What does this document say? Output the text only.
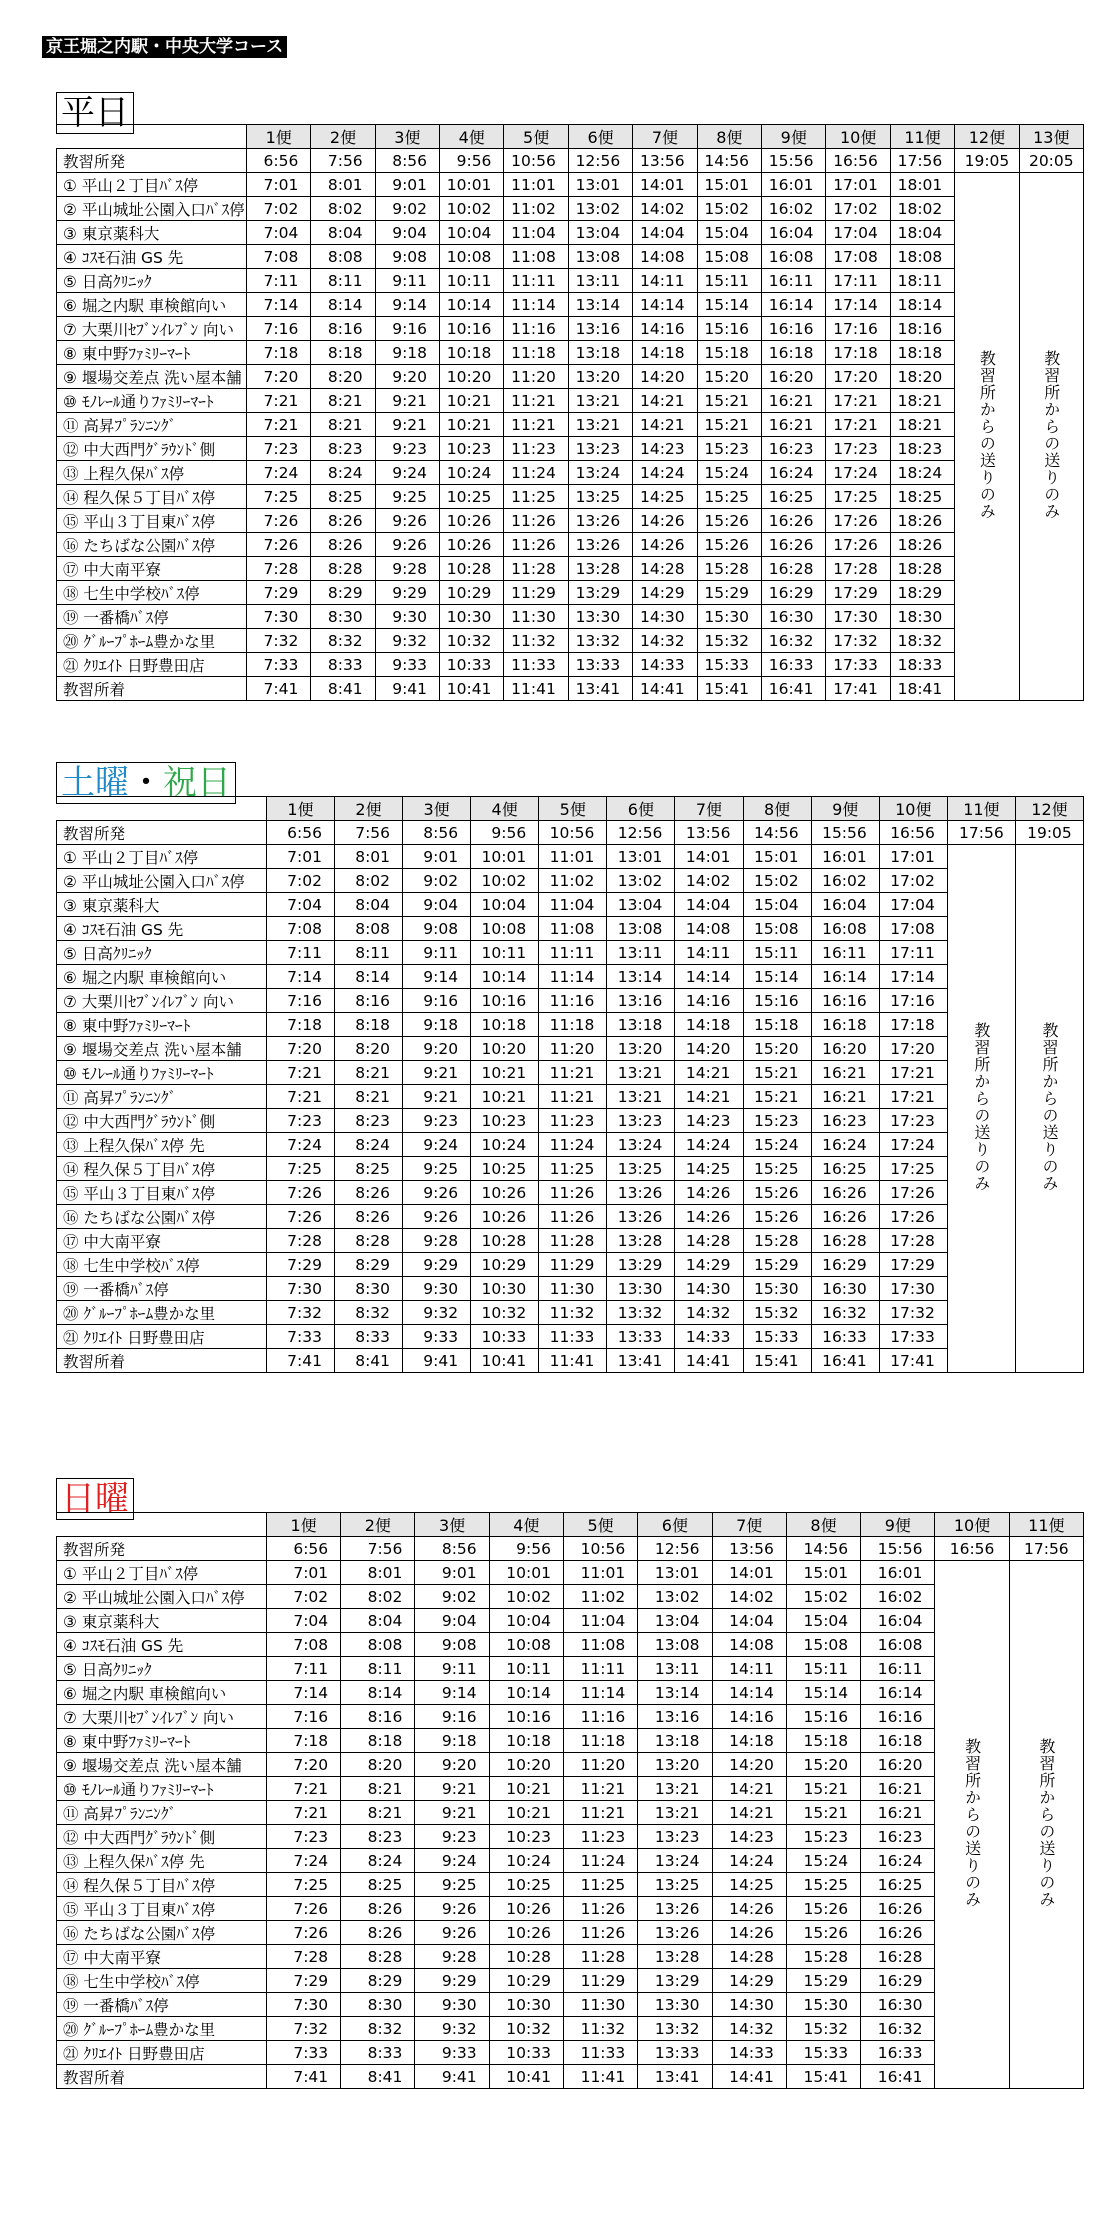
京王堀之内駅・中央大学コース
平日
	1便	2便	3便	4便	5便	6便	7便	8便	9便	10便	11便	12便	13便
教習所発	6:56	7:56	8:56	9:56	10:56	12:56	13:56	14:56	15:56	16:56	17:56	19:05	20:05
① 平山２丁目ﾊﾞｽ停	7:01	8:01	9:01	10:01	11:01	13:01	14:01	15:01	16:01	17:01	18:01	教習所からの送りのみ	教習所からの送りのみ
② 平山城址公園入口ﾊﾞｽ停	7:02	8:02	9:02	10:02	11:02	13:02	14:02	15:02	16:02	17:02	18:02		
③ 東京薬科大	7:04	8:04	9:04	10:04	11:04	13:04	14:04	15:04	16:04	17:04	18:04		
④ ｺｽﾓ石油 GS 先	7:08	8:08	9:08	10:08	11:08	13:08	14:08	15:08	16:08	17:08	18:08		
⑤ 日高ｸﾘﾆｯｸ	7:11	8:11	9:11	10:11	11:11	13:11	14:11	15:11	16:11	17:11	18:11		
⑥ 堀之内駅 車検館向い	7:14	8:14	9:14	10:14	11:14	13:14	14:14	15:14	16:14	17:14	18:14		
⑦ 大栗川ｾﾌﾞﾝｲﾚﾌﾞﾝ 向い	7:16	8:16	9:16	10:16	11:16	13:16	14:16	15:16	16:16	17:16	18:16		
⑧ 東中野ﾌｧﾐﾘｰﾏｰﾄ	7:18	8:18	9:18	10:18	11:18	13:18	14:18	15:18	16:18	17:18	18:18		
⑨ 堰場交差点 洗い屋本舗	7:20	8:20	9:20	10:20	11:20	13:20	14:20	15:20	16:20	17:20	18:20		
⑩ ﾓﾉﾚｰﾙ通りﾌｧﾐﾘｰﾏｰﾄ	7:21	8:21	9:21	10:21	11:21	13:21	14:21	15:21	16:21	17:21	18:21		
⑪ 高昇ﾌﾟﾗﾝﾆﾝｸﾞ	7:21	8:21	9:21	10:21	11:21	13:21	14:21	15:21	16:21	17:21	18:21		
⑫ 中大西門ｸﾞﾗｳﾝﾄﾞ側	7:23	8:23	9:23	10:23	11:23	13:23	14:23	15:23	16:23	17:23	18:23		
⑬ 上程久保ﾊﾞｽ停	7:24	8:24	9:24	10:24	11:24	13:24	14:24	15:24	16:24	17:24	18:24		
⑭ 程久保５丁目ﾊﾞｽ停	7:25	8:25	9:25	10:25	11:25	13:25	14:25	15:25	16:25	17:25	18:25		
⑮ 平山３丁目東ﾊﾞｽ停	7:26	8:26	9:26	10:26	11:26	13:26	14:26	15:26	16:26	17:26	18:26		
⑯ たちばな公園ﾊﾞｽ停	7:26	8:26	9:26	10:26	11:26	13:26	14:26	15:26	16:26	17:26	18:26		
⑰ 中大南平寮	7:28	8:28	9:28	10:28	11:28	13:28	14:28	15:28	16:28	17:28	18:28		
⑱ 七生中学校ﾊﾞｽ停	7:29	8:29	9:29	10:29	11:29	13:29	14:29	15:29	16:29	17:29	18:29		
⑲ 一番橋ﾊﾞｽ停	7:30	8:30	9:30	10:30	11:30	13:30	14:30	15:30	16:30	17:30	18:30		
⑳ ｸﾞﾙｰﾌﾟﾎｰﾑ豊かな里	7:32	8:32	9:32	10:32	11:32	13:32	14:32	15:32	16:32	17:32	18:32		
㉑ ｸﾘｴｲﾄ 日野豊田店	7:33	8:33	9:33	10:33	11:33	13:33	14:33	15:33	16:33	17:33	18:33		
教習所着	7:41	8:41	9:41	10:41	11:41	13:41	14:41	15:41	16:41	17:41	18:41		
土曜・祝日
	1便	2便	3便	4便	5便	6便	7便	8便	9便	10便	11便	12便
教習所発	6:56	7:56	8:56	9:56	10:56	12:56	13:56	14:56	15:56	16:56	17:56	19:05
① 平山２丁目ﾊﾞｽ停	7:01	8:01	9:01	10:01	11:01	13:01	14:01	15:01	16:01	17:01	教習所からの送りのみ	教習所からの送りのみ
② 平山城址公園入口ﾊﾞｽ停	7:02	8:02	9:02	10:02	11:02	13:02	14:02	15:02	16:02	17:02		
③ 東京薬科大	7:04	8:04	9:04	10:04	11:04	13:04	14:04	15:04	16:04	17:04		
④ ｺｽﾓ石油 GS 先	7:08	8:08	9:08	10:08	11:08	13:08	14:08	15:08	16:08	17:08		
⑤ 日高ｸﾘﾆｯｸ	7:11	8:11	9:11	10:11	11:11	13:11	14:11	15:11	16:11	17:11		
⑥ 堀之内駅 車検館向い	7:14	8:14	9:14	10:14	11:14	13:14	14:14	15:14	16:14	17:14		
⑦ 大栗川ｾﾌﾞﾝｲﾚﾌﾞﾝ 向い	7:16	8:16	9:16	10:16	11:16	13:16	14:16	15:16	16:16	17:16		
⑧ 東中野ﾌｧﾐﾘｰﾏｰﾄ	7:18	8:18	9:18	10:18	11:18	13:18	14:18	15:18	16:18	17:18		
⑨ 堰場交差点 洗い屋本舗	7:20	8:20	9:20	10:20	11:20	13:20	14:20	15:20	16:20	17:20		
⑩ ﾓﾉﾚｰﾙ通りﾌｧﾐﾘｰﾏｰﾄ	7:21	8:21	9:21	10:21	11:21	13:21	14:21	15:21	16:21	17:21		
⑪ 高昇ﾌﾟﾗﾝﾆﾝｸﾞ	7:21	8:21	9:21	10:21	11:21	13:21	14:21	15:21	16:21	17:21		
⑫ 中大西門ｸﾞﾗｳﾝﾄﾞ側	7:23	8:23	9:23	10:23	11:23	13:23	14:23	15:23	16:23	17:23		
⑬ 上程久保ﾊﾞｽ停 先	7:24	8:24	9:24	10:24	11:24	13:24	14:24	15:24	16:24	17:24		
⑭ 程久保５丁目ﾊﾞｽ停	7:25	8:25	9:25	10:25	11:25	13:25	14:25	15:25	16:25	17:25		
⑮ 平山３丁目東ﾊﾞｽ停	7:26	8:26	9:26	10:26	11:26	13:26	14:26	15:26	16:26	17:26		
⑯ たちばな公園ﾊﾞｽ停	7:26	8:26	9:26	10:26	11:26	13:26	14:26	15:26	16:26	17:26		
⑰ 中大南平寮	7:28	8:28	9:28	10:28	11:28	13:28	14:28	15:28	16:28	17:28		
⑱ 七生中学校ﾊﾞｽ停	7:29	8:29	9:29	10:29	11:29	13:29	14:29	15:29	16:29	17:29		
⑲ 一番橋ﾊﾞｽ停	7:30	8:30	9:30	10:30	11:30	13:30	14:30	15:30	16:30	17:30		
⑳ ｸﾞﾙｰﾌﾟﾎｰﾑ豊かな里	7:32	8:32	9:32	10:32	11:32	13:32	14:32	15:32	16:32	17:32		
㉑ ｸﾘｴｲﾄ 日野豊田店	7:33	8:33	9:33	10:33	11:33	13:33	14:33	15:33	16:33	17:33		
教習所着	7:41	8:41	9:41	10:41	11:41	13:41	14:41	15:41	16:41	17:41		
日曜
	1便	2便	3便	4便	5便	6便	7便	8便	9便	10便	11便
教習所発	6:56	7:56	8:56	9:56	10:56	12:56	13:56	14:56	15:56	16:56	17:56
① 平山２丁目ﾊﾞｽ停	7:01	8:01	9:01	10:01	11:01	13:01	14:01	15:01	16:01	教習所からの送りのみ	教習所からの送りのみ
② 平山城址公園入口ﾊﾞｽ停	7:02	8:02	9:02	10:02	11:02	13:02	14:02	15:02	16:02		
③ 東京薬科大	7:04	8:04	9:04	10:04	11:04	13:04	14:04	15:04	16:04		
④ ｺｽﾓ石油 GS 先	7:08	8:08	9:08	10:08	11:08	13:08	14:08	15:08	16:08		
⑤ 日高ｸﾘﾆｯｸ	7:11	8:11	9:11	10:11	11:11	13:11	14:11	15:11	16:11		
⑥ 堀之内駅 車検館向い	7:14	8:14	9:14	10:14	11:14	13:14	14:14	15:14	16:14		
⑦ 大栗川ｾﾌﾞﾝｲﾚﾌﾞﾝ 向い	7:16	8:16	9:16	10:16	11:16	13:16	14:16	15:16	16:16		
⑧ 東中野ﾌｧﾐﾘｰﾏｰﾄ	7:18	8:18	9:18	10:18	11:18	13:18	14:18	15:18	16:18		
⑨ 堰場交差点 洗い屋本舗	7:20	8:20	9:20	10:20	11:20	13:20	14:20	15:20	16:20		
⑩ ﾓﾉﾚｰﾙ通りﾌｧﾐﾘｰﾏｰﾄ	7:21	8:21	9:21	10:21	11:21	13:21	14:21	15:21	16:21		
⑪ 高昇ﾌﾟﾗﾝﾆﾝｸﾞ	7:21	8:21	9:21	10:21	11:21	13:21	14:21	15:21	16:21		
⑫ 中大西門ｸﾞﾗｳﾝﾄﾞ側	7:23	8:23	9:23	10:23	11:23	13:23	14:23	15:23	16:23		
⑬ 上程久保ﾊﾞｽ停 先	7:24	8:24	9:24	10:24	11:24	13:24	14:24	15:24	16:24		
⑭ 程久保５丁目ﾊﾞｽ停	7:25	8:25	9:25	10:25	11:25	13:25	14:25	15:25	16:25		
⑮ 平山３丁目東ﾊﾞｽ停	7:26	8:26	9:26	10:26	11:26	13:26	14:26	15:26	16:26		
⑯ たちばな公園ﾊﾞｽ停	7:26	8:26	9:26	10:26	11:26	13:26	14:26	15:26	16:26		
⑰ 中大南平寮	7:28	8:28	9:28	10:28	11:28	13:28	14:28	15:28	16:28		
⑱ 七生中学校ﾊﾞｽ停	7:29	8:29	9:29	10:29	11:29	13:29	14:29	15:29	16:29		
⑲ 一番橋ﾊﾞｽ停	7:30	8:30	9:30	10:30	11:30	13:30	14:30	15:30	16:30		
⑳ ｸﾞﾙｰﾌﾟﾎｰﾑ豊かな里	7:32	8:32	9:32	10:32	11:32	13:32	14:32	15:32	16:32		
㉑ ｸﾘｴｲﾄ 日野豊田店	7:33	8:33	9:33	10:33	11:33	13:33	14:33	15:33	16:33		
教習所着	7:41	8:41	9:41	10:41	11:41	13:41	14:41	15:41	16:41		
